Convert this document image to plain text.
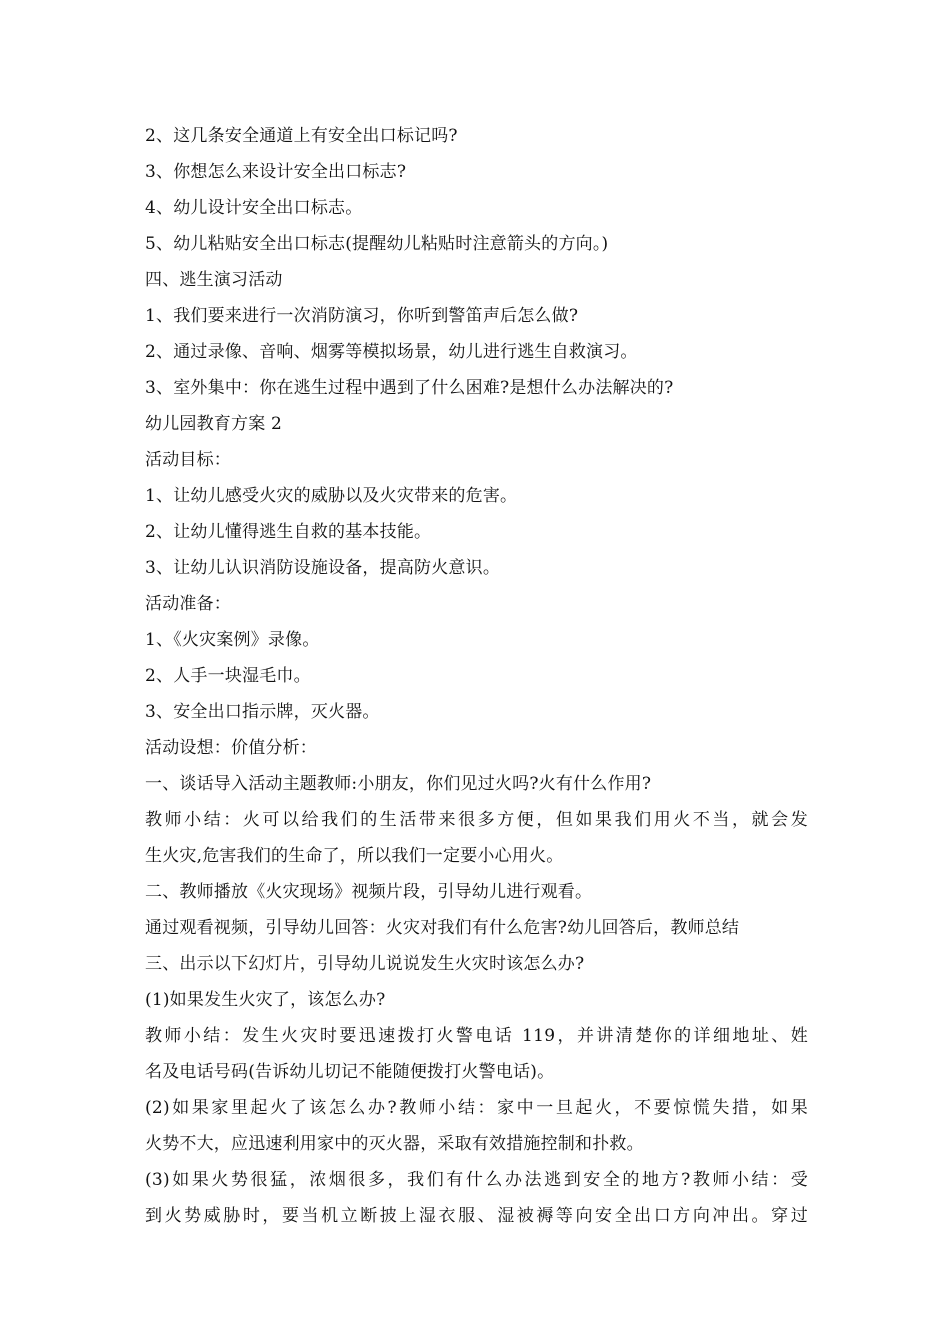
2、这几条安全通道上有安全出口标记吗?
3、你想怎么来设计安全出口标志?
4、幼儿设计安全出口标志。
5、幼儿粘贴安全出口标志(提醒幼儿粘贴时注意箭头的方向。)
四、逃生演习活动
1、我们要来进行一次消防演习，你听到警笛声后怎么做?
2、通过录像、音响、烟雾等模拟场景，幼儿进行逃生自救演习。
3、室外集中：你在逃生过程中遇到了什么困难?是想什么办法解决的?
幼儿园教育方案 2
活动目标：
1、让幼儿感受火灾的威胁以及火灾带来的危害。
2、让幼儿懂得逃生自救的基本技能。
3、让幼儿认识消防设施设备，提高防火意识。
活动准备：
1、《火灾案例》录像。
2、人手一块湿毛巾。
3、安全出口指示牌，灭火器。
活动设想：价值分析：
一、谈话导入活动主题教师:小朋友，你们见过火吗?火有什么作用?
教师小结：火可以给我们的生活带来很多方便，但如果我们用火不当，就会发
生火灾,危害我们的生命了，所以我们一定要小心用火。
二、教师播放《火灾现场》视频片段，引导幼儿进行观看。
通过观看视频，引导幼儿回答：火灾对我们有什么危害?幼儿回答后，教师总结
三、出示以下幻灯片，引导幼儿说说发生火灾时该怎么办?
(1)如果发生火灾了，该怎么办?
教师小结：发生火灾时要迅速拨打火警电话 119，并讲清楚你的详细地址、姓
名及电话号码(告诉幼儿切记不能随便拨打火警电话)。
(2)如果家里起火了该怎么办?教师小结：家中一旦起火，不要惊慌失措，如果
火势不大，应迅速利用家中的灭火器，采取有效措施控制和扑救。
(3)如果火势很猛，浓烟很多，我们有什么办法逃到安全的地方?教师小结：受
到火势威胁时，要当机立断披上湿衣服、湿被褥等向安全出口方向冲出。穿过
